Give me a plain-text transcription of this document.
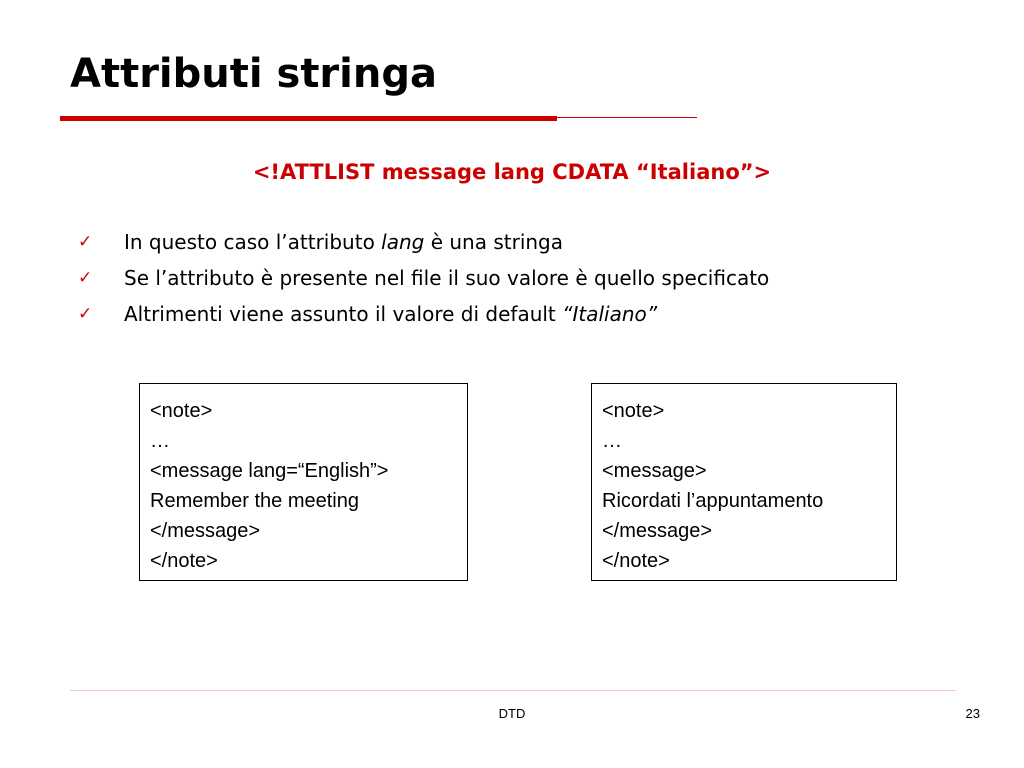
Attributi stringa
<!ATTLIST message lang CDATA “Italiano”>
✓ In questo caso l’attributo lang è una stringa
✓ Se l’attributo è presente nel file il suo valore è quello specificato
✓ Altrimenti viene assunto il valore di default “Italiano”
<note>
…
<message lang=“English”>
Remember the meeting
</message>
</note>
<note>
…
<message>
Ricordati l’appuntamento
</message>
</note>
DTD	23
